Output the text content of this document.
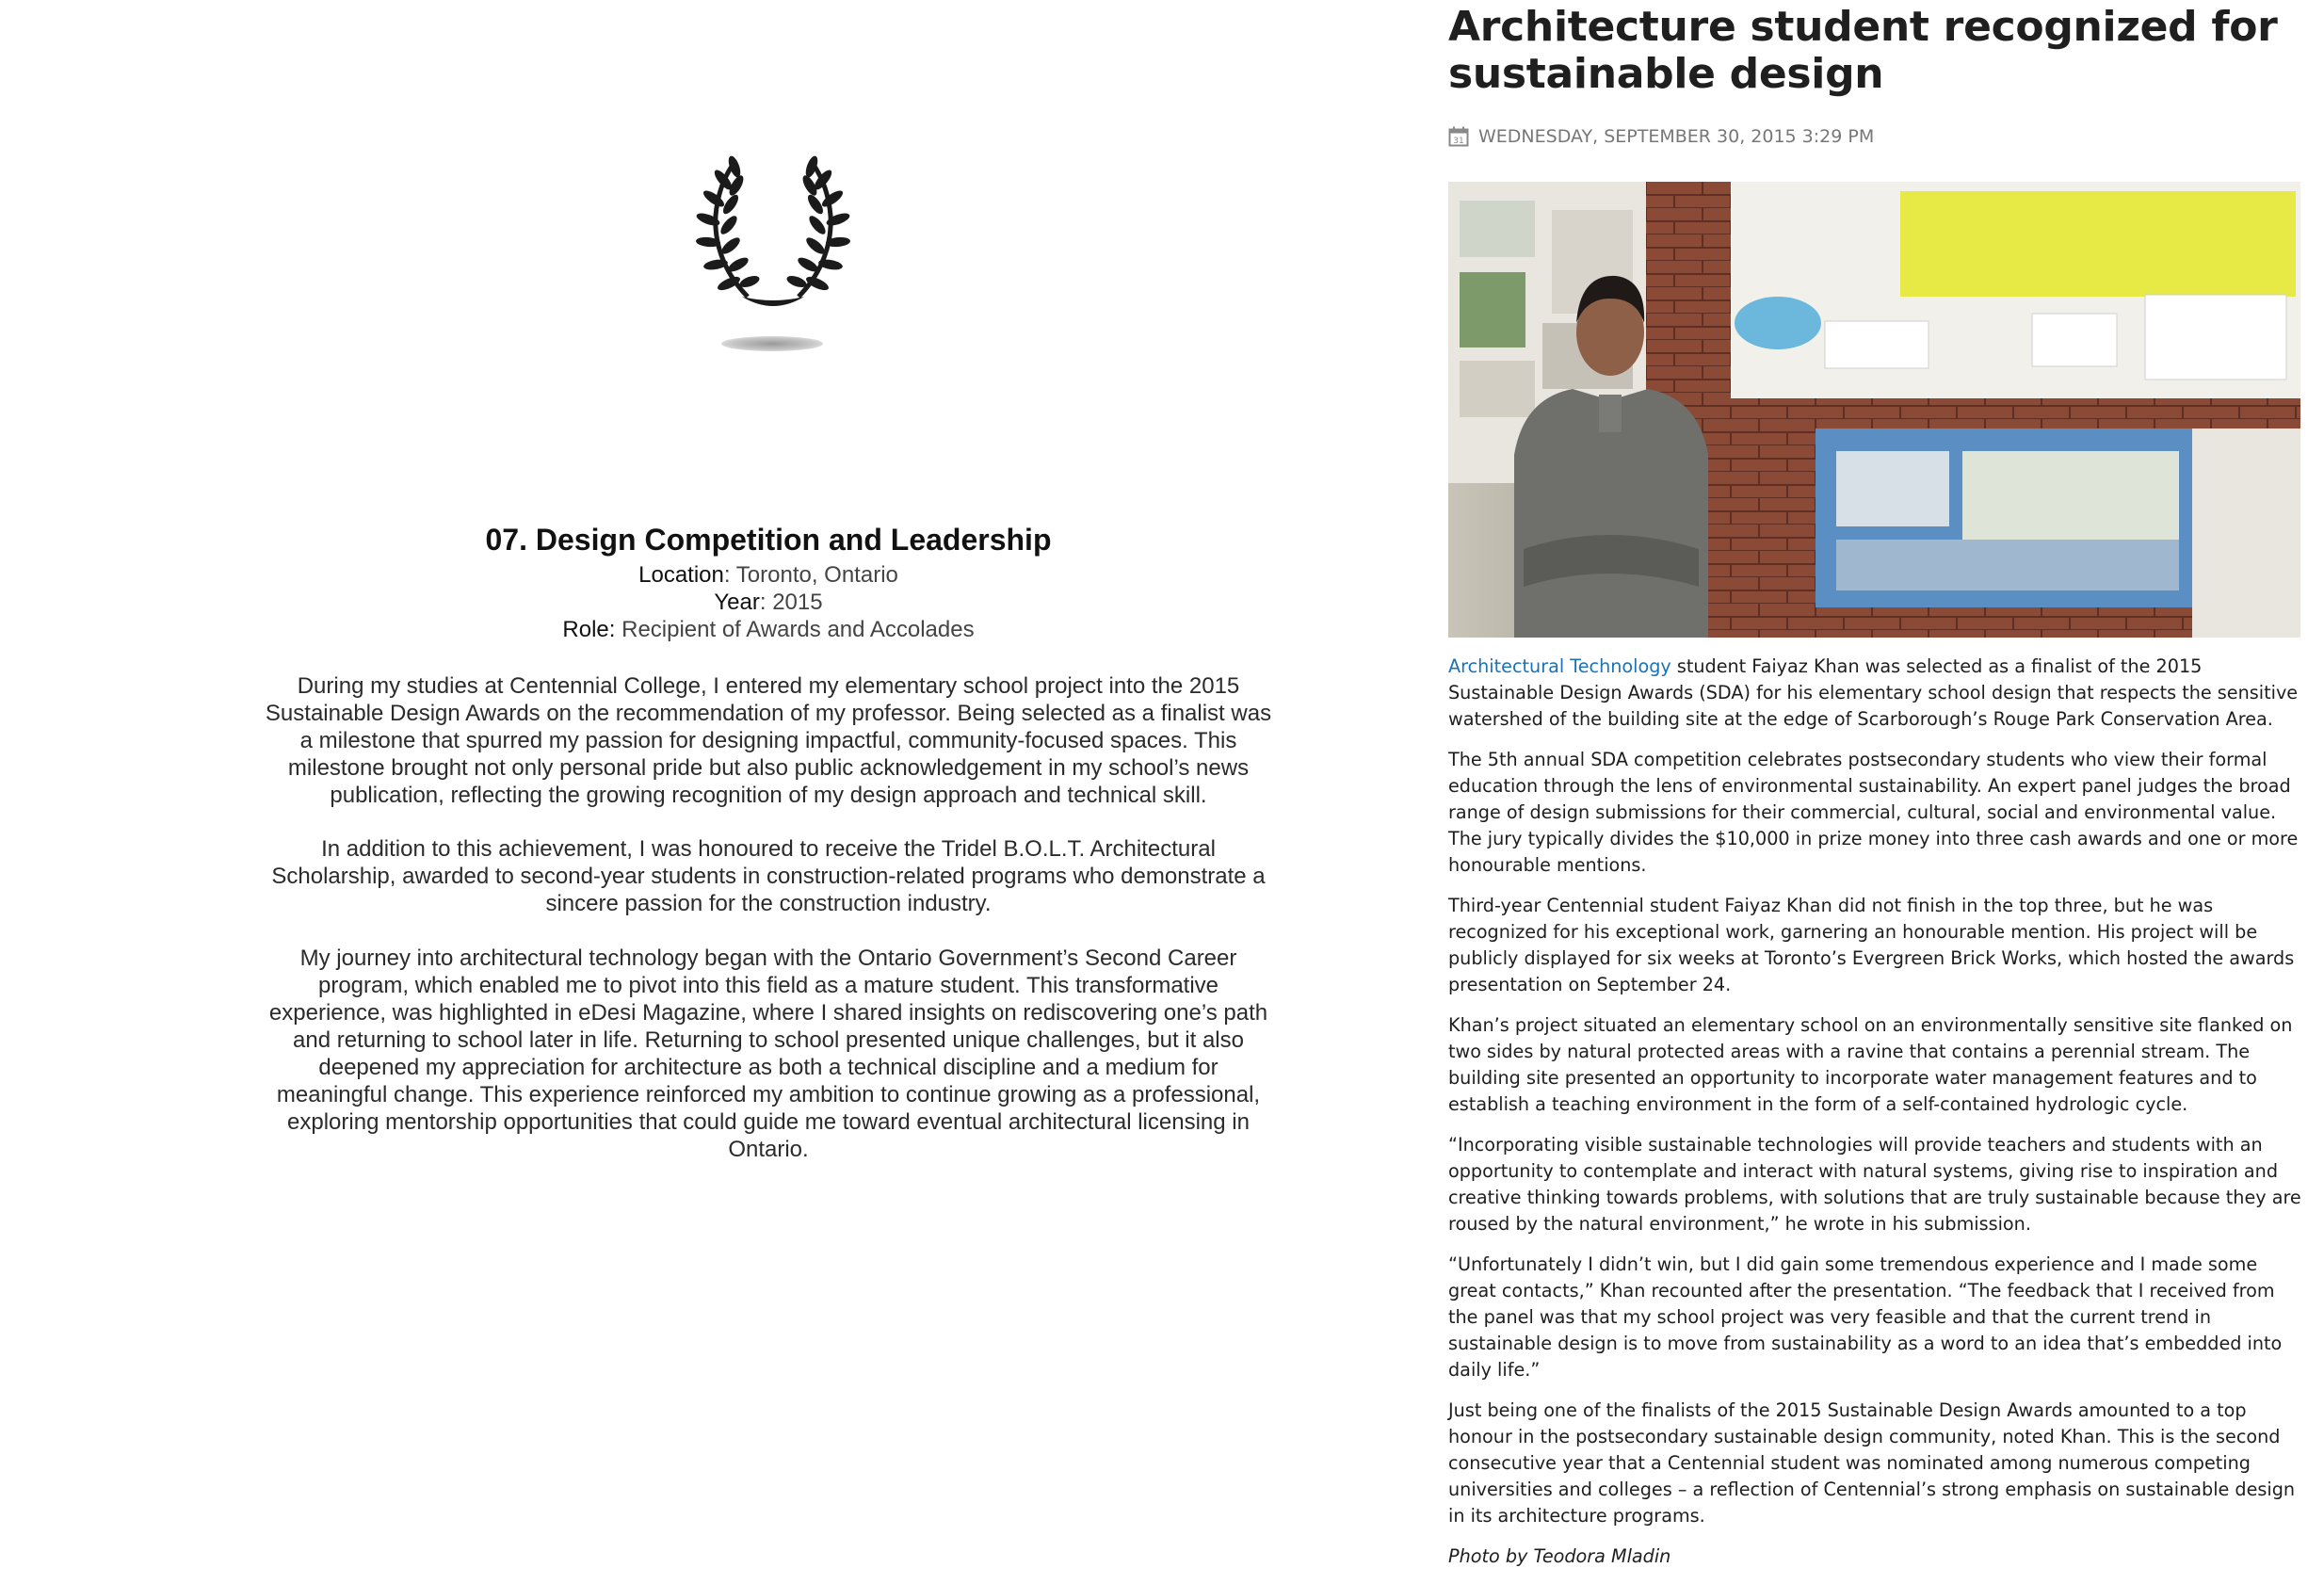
07. Design Competition and Leadership
Location: Toronto, Ontario
Year: 2015
Role: Recipient of Awards and Accolades

During my studies at Centennial College, I entered my elementary school project into the 2015 Sustainable Design Awards on the recommendation of my professor. Being selected as a finalist was a milestone that spurred my passion for designing impactful, community-focused spaces. This milestone brought not only personal pride but also public acknowledgement in my school’s news publication, reflecting the growing recognition of my design approach and technical skill.

In addition to this achievement, I was honoured to receive the Tridel B.O.L.T. Architectural Scholarship, awarded to second-year students in construction-related programs who demonstrate a sincere passion for the construction industry.

My journey into architectural technology began with the Ontario Government’s Second Career program, which enabled me to pivot into this field as a mature student. This transformative experience, was highlighted in eDesi Magazine, where I shared insights on rediscovering one’s path and returning to school later in life. Returning to school presented unique challenges, but it also deepened my appreciation for architecture as both a technical discipline and a medium for meaningful change. This experience reinforced my ambition to continue growing as a professional, exploring mentorship opportunities that could guide me toward eventual architectural licensing in Ontario.

Architecture student recognized for sustainable design
31 WEDNESDAY, SEPTEMBER 30, 2015 3:29 PM

Architectural Technology student Faiyaz Khan was selected as a finalist of the 2015 Sustainable Design Awards (SDA) for his elementary school design that respects the sensitive watershed of the building site at the edge of Scarborough’s Rouge Park Conservation Area.

The 5th annual SDA competition celebrates postsecondary students who view their formal education through the lens of environmental sustainability. An expert panel judges the broad range of design submissions for their commercial, cultural, social and environmental value. The jury typically divides the $10,000 in prize money into three cash awards and one or more honourable mentions.

Third-year Centennial student Faiyaz Khan did not finish in the top three, but he was recognized for his exceptional work, garnering an honourable mention. His project will be publicly displayed for six weeks at Toronto’s Evergreen Brick Works, which hosted the awards presentation on September 24.

Khan’s project situated an elementary school on an environmentally sensitive site flanked on two sides by natural protected areas with a ravine that contains a perennial stream. The building site presented an opportunity to incorporate water management features and to establish a teaching environment in the form of a self-contained hydrologic cycle.

“Incorporating visible sustainable technologies will provide teachers and students with an opportunity to contemplate and interact with natural systems, giving rise to inspiration and creative thinking towards problems, with solutions that are truly sustainable because they are roused by the natural environment,” he wrote in his submission.

“Unfortunately I didn’t win, but I did gain some tremendous experience and I made some great contacts,” Khan recounted after the presentation. “The feedback that I received from the panel was that my school project was very feasible and that the current trend in sustainable design is to move from sustainability as a word to an idea that’s embedded into daily life.”

Just being one of the finalists of the 2015 Sustainable Design Awards amounted to a top honour in the postsecondary sustainable design community, noted Khan. This is the second consecutive year that a Centennial student was nominated among numerous competing universities and colleges – a reflection of Centennial’s strong emphasis on sustainable design in its architecture programs.

Photo by Teodora Mladin
